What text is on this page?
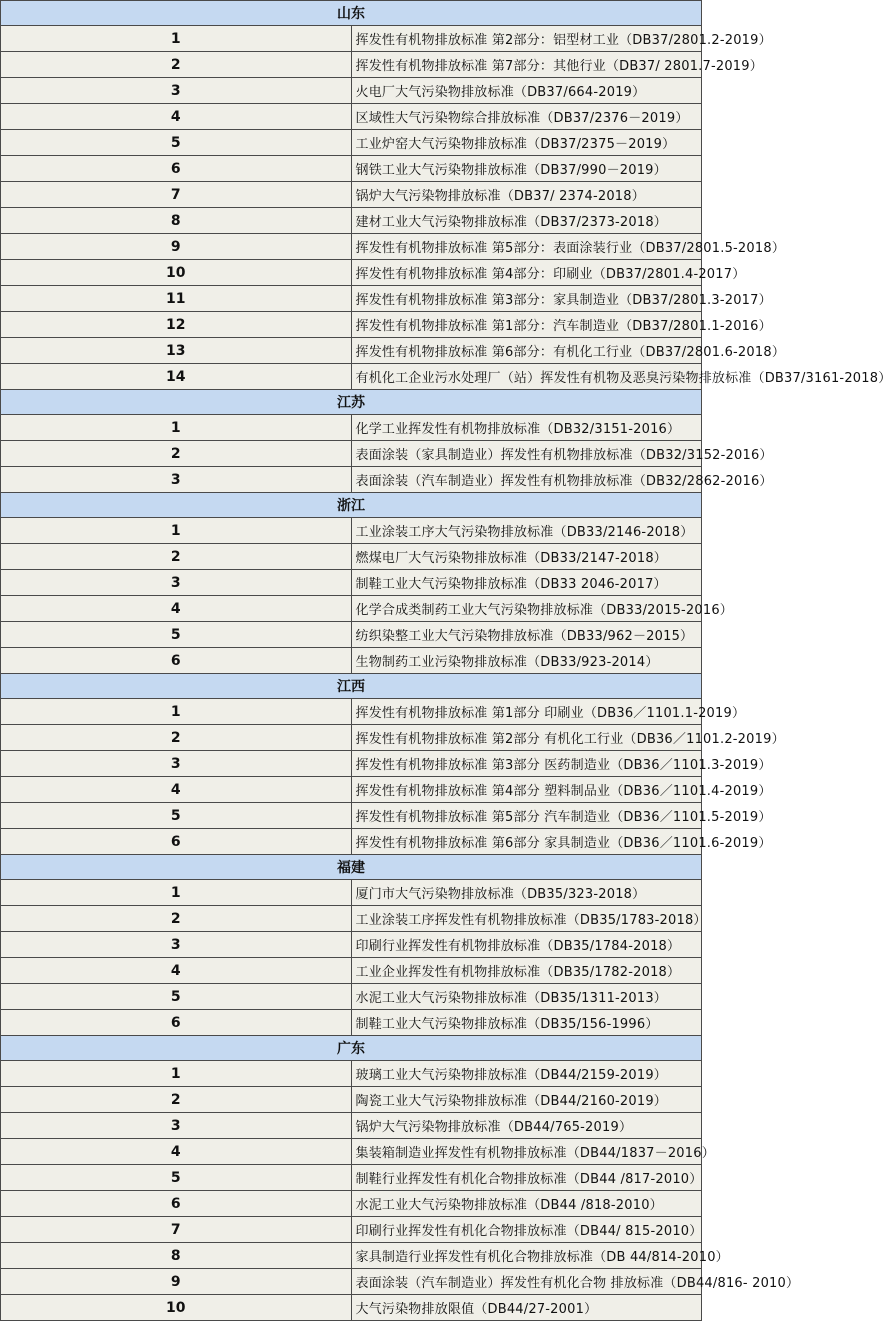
山东	
1	挥发性有机物排放标准 第2部分：铝型材工业（DB37/2801.2-2019）
2	挥发性有机物排放标准 第7部分：其他行业（DB37/ 2801.7-2019）
3	火电厂大气污染物排放标准（DB37/664-2019）
4	区域性大气污染物综合排放标准（DB37/2376－2019）
5	工业炉窑大气污染物排放标准（DB37/2375－2019）
6	钢铁工业大气污染物排放标准（DB37/990－2019）
7	锅炉大气污染物排放标准（DB37/ 2374-2018）
8	建材工业大气污染物排放标准（DB37/2373-2018）
9	挥发性有机物排放标准 第5部分：表面涂装行业（DB37/2801.5-2018）
10	挥发性有机物排放标准 第4部分：印刷业（DB37/2801.4-2017）
11	挥发性有机物排放标准 第3部分：家具制造业（DB37/2801.3-2017）
12	挥发性有机物排放标准 第1部分：汽车制造业（DB37/2801.1-2016）
13	挥发性有机物排放标准 第6部分：有机化工行业（DB37/2801.6-2018）
14	有机化工企业污水处理厂（站）挥发性有机物及恶臭污染物排放标准（DB37/3161-2018）
江苏	
1	化学工业挥发性有机物排放标准（DB32/3151-2016）
2	表面涂装（家具制造业）挥发性有机物排放标准（DB32/3152-2016）
3	表面涂装（汽车制造业）挥发性有机物排放标准（DB32/2862-2016）
浙江	
1	工业涂装工序大气污染物排放标准（DB33/2146-2018）
2	燃煤电厂大气污染物排放标准（DB33/2147-2018）
3	制鞋工业大气污染物排放标准（DB33 2046-2017）
4	化学合成类制药工业大气污染物排放标准（DB33/2015-2016）
5	纺织染整工业大气污染物排放标准（DB33/962－2015）
6	生物制药工业污染物排放标准（DB33/923-2014）
江西	
1	挥发性有机物排放标准 第1部分 印刷业（DB36／1101.1-2019）
2	挥发性有机物排放标准 第2部分 有机化工行业（DB36／1101.2-2019）
3	挥发性有机物排放标准 第3部分 医药制造业（DB36／1101.3-2019）
4	挥发性有机物排放标准 第4部分 塑料制品业（DB36／1101.4-2019）
5	挥发性有机物排放标准 第5部分 汽车制造业（DB36／1101.5-2019）
6	挥发性有机物排放标准 第6部分 家具制造业（DB36／1101.6-2019）
福建	
1	厦门市大气污染物排放标准（DB35/323-2018）
2	工业涂装工序挥发性有机物排放标准（DB35/1783-2018）
3	印刷行业挥发性有机物排放标准（DB35/1784-2018）
4	工业企业挥发性有机物排放标准（DB35/1782-2018）
5	水泥工业大气污染物排放标准（DB35/1311-2013）
6	制鞋工业大气污染物排放标准（DB35/156-1996）
广东	
1	玻璃工业大气污染物排放标准（DB44/2159-2019）
2	陶瓷工业大气污染物排放标准（DB44/2160-2019）
3	锅炉大气污染物排放标准（DB44/765-2019）
4	集装箱制造业挥发性有机物排放标准（DB44/1837－2016）
5	制鞋行业挥发性有机化合物排放标准（DB44 /817-2010）
6	水泥工业大气污染物排放标准（DB44 /818-2010）
7	印刷行业挥发性有机化合物排放标准（DB44/ 815-2010）
8	家具制造行业挥发性有机化合物排放标准（DB 44/814-2010）
9	表面涂装（汽车制造业）挥发性有机化合物 排放标准（DB44/816- 2010）
10	大气污染物排放限值（DB44/27-2001）
